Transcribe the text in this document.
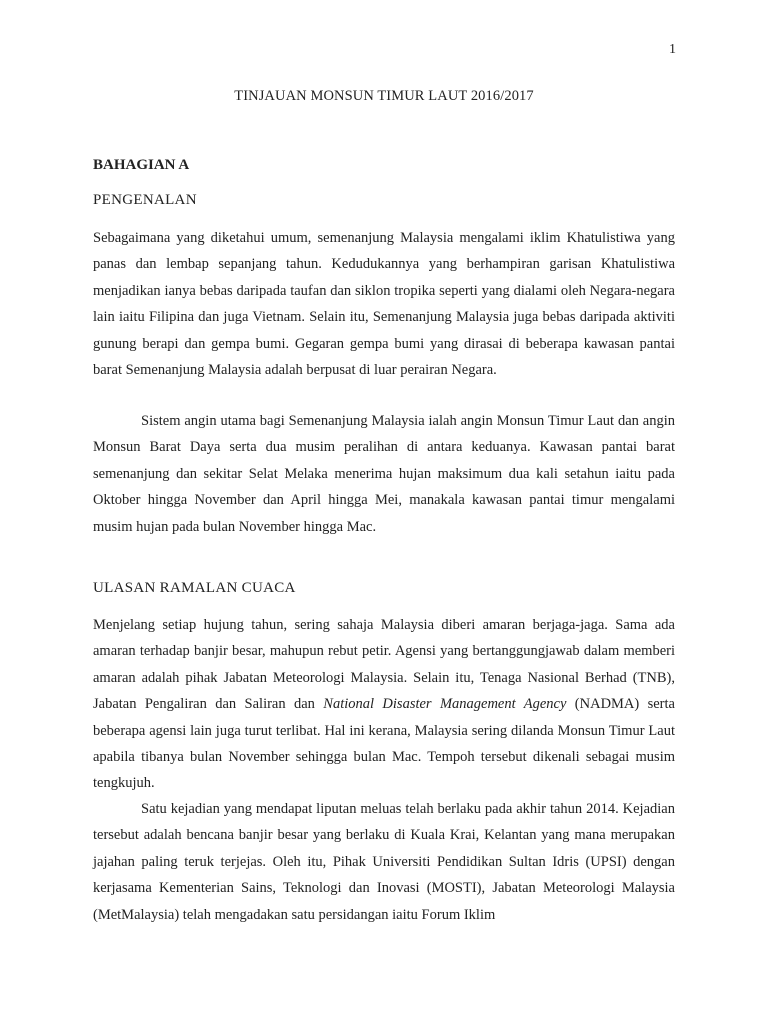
1

TINJAUAN MONSUN TIMUR LAUT 2016/2017
BAHAGIAN A
PENGENALAN

Sebagaimana yang diketahui umum, semenanjung Malaysia mengalami iklim Khatulistiwa yang panas dan lembap sepanjang tahun. Kedudukannya yang berhampiran garisan Khatulistiwa menjadikan ianya bebas daripada taufan dan siklon tropika seperti yang dialami oleh Negara-negara lain iaitu Filipina dan juga Vietnam. Selain itu, Semenanjung Malaysia juga bebas daripada aktiviti gunung berapi dan gempa bumi. Gegaran gempa bumi yang dirasai di beberapa kawasan pantai barat Semenanjung Malaysia adalah berpusat di luar perairan Negara.

Sistem angin utama bagi Semenanjung Malaysia ialah angin Monsun Timur Laut dan angin Monsun Barat Daya serta dua musim peralihan di antara keduanya. Kawasan pantai barat semenanjung dan sekitar Selat Melaka menerima hujan maksimum dua kali setahun iaitu pada Oktober hingga November dan April hingga Mei, manakala kawasan pantai timur mengalami musim hujan pada bulan November hingga Mac.

ULASAN RAMALAN CUACA

Menjelang setiap hujung tahun, sering sahaja Malaysia diberi amaran berjaga-jaga. Sama ada amaran terhadap banjir besar, mahupun rebut petir. Agensi yang bertanggungjawab dalam memberi amaran adalah pihak Jabatan Meteorologi Malaysia. Selain itu, Tenaga Nasional Berhad (TNB), Jabatan Pengaliran dan Saliran dan National Disaster Management Agency (NADMA) serta beberapa agensi lain juga turut terlibat. Hal ini kerana, Malaysia sering dilanda Monsun Timur Laut apabila tibanya bulan November sehingga bulan Mac. Tempoh tersebut dikenali sebagai musim tengkujuh.

Satu kejadian yang mendapat liputan meluas telah berlaku pada akhir tahun 2014. Kejadian tersebut adalah bencana banjir besar yang berlaku di Kuala Krai, Kelantan yang mana merupakan jajahan paling teruk terjejas. Oleh itu, Pihak Universiti Pendidikan Sultan Idris (UPSI) dengan kerjasama Kementerian Sains, Teknologi dan Inovasi (MOSTI), Jabatan Meteorologi Malaysia (MetMalaysia) telah mengadakan satu persidangan iaitu Forum Iklim
